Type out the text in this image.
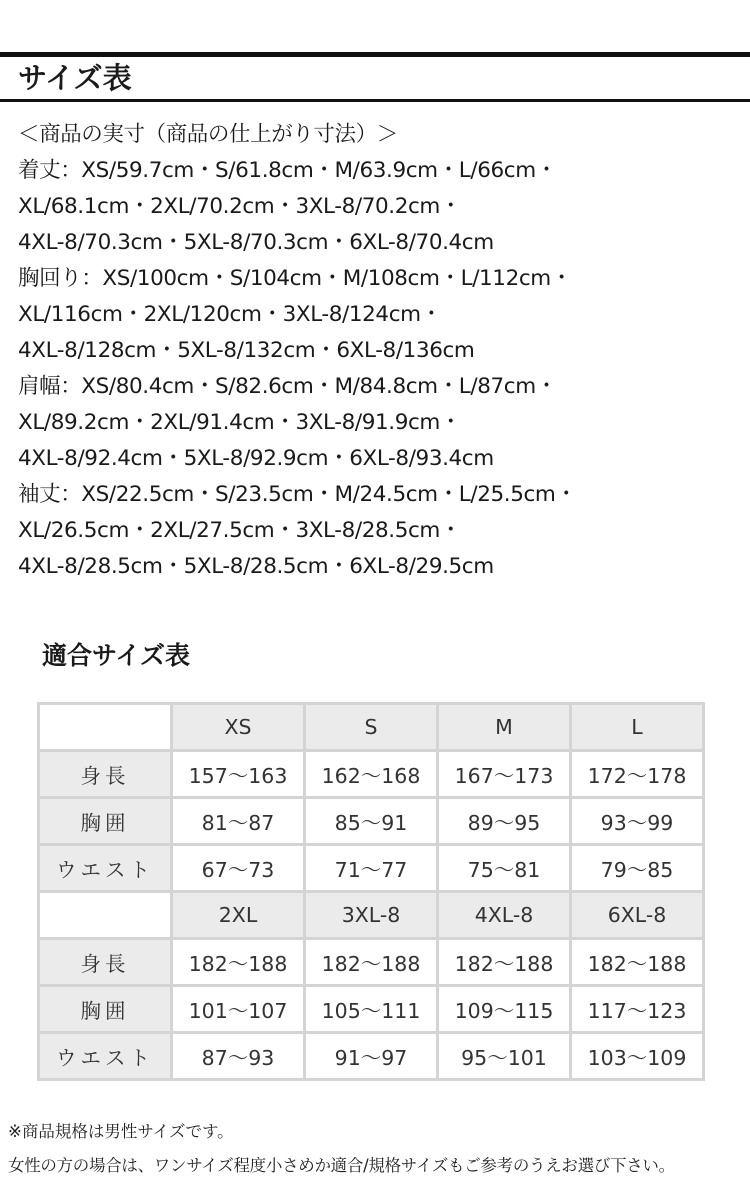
サイズ表
＜商品の実寸（商品の仕上がり寸法）＞
着丈：XS/59.7cm・S/61.8cm・M/63.9cm・L/66cm・
XL/68.1cm・2XL/70.2cm・3XL-8/70.2cm・
4XL-8/70.3cm・5XL-8/70.3cm・6XL-8/70.4cm
胸回り：XS/100cm・S/104cm・M/108cm・L/112cm・
XL/116cm・2XL/120cm・3XL-8/124cm・
4XL-8/128cm・5XL-8/132cm・6XL-8/136cm
肩幅：XS/80.4cm・S/82.6cm・M/84.8cm・L/87cm・
XL/89.2cm・2XL/91.4cm・3XL-8/91.9cm・
4XL-8/92.4cm・5XL-8/92.9cm・6XL-8/93.4cm
袖丈：XS/22.5cm・S/23.5cm・M/24.5cm・L/25.5cm・
XL/26.5cm・2XL/27.5cm・3XL-8/28.5cm・
4XL-8/28.5cm・5XL-8/28.5cm・6XL-8/29.5cm
適合サイズ表
	XS	S	M	L
身長	157〜163	162〜168	167〜173	172〜178
胸囲	81〜87	85〜91	89〜95	93〜99
ウエスト	67〜73	71〜77	75〜81	79〜85
	2XL	3XL-8	4XL-8	6XL-8
身長	182〜188	182〜188	182〜188	182〜188
胸囲	101〜107	105〜111	109〜115	117〜123
ウエスト	87〜93	91〜97	95〜101	103〜109
※商品規格は男性サイズです。
女性の方の場合は、ワンサイズ程度小さめか適合/規格サイズもご参考のうえお選び下さい。
